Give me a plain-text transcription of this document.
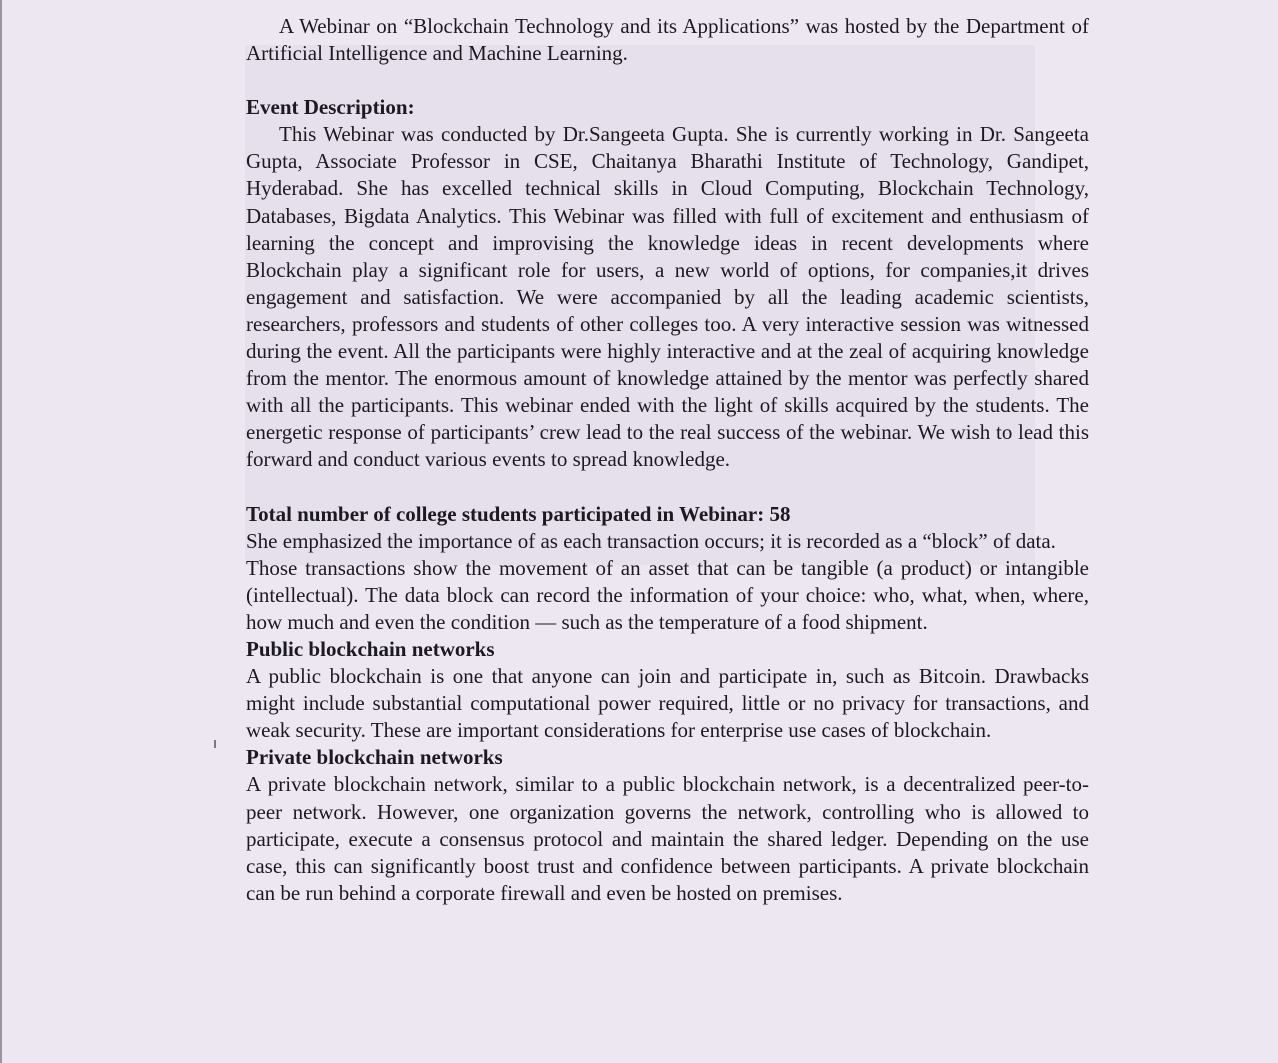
A Webinar on “Blockchain Technology and its Applications” was hosted by the Department of Artificial Intelligence and Machine Learning.

Event Description:

This Webinar was conducted by Dr.Sangeeta Gupta. She is currently working in Dr. Sangeeta Gupta, Associate Professor in CSE, Chaitanya Bharathi Institute of Technology, Gandipet, Hyderabad. She has excelled technical skills in Cloud Computing, Blockchain Technology, Databases, Bigdata Analytics. This Webinar was filled with full of excitement and enthusiasm of learning the concept and improvising the knowledge ideas in recent developments where Blockchain play a significant role for users, a new world of options, for companies,it drives engagement and satisfaction. We were accompanied by all the leading academic scientists, researchers, professors and students of other colleges too. A very interactive session was witnessed during the event. All the participants were highly interactive and at the zeal of acquiring knowledge from the mentor. The enormous amount of knowledge attained by the mentor was perfectly shared with all the participants. This webinar ended with the light of skills acquired by the students. The energetic response of participants’ crew lead to the real success of the webinar. We wish to lead this forward and conduct various events to spread knowledge.

Total number of college students participated in Webinar: 58

She emphasized the importance of as each transaction occurs; it is recorded as a “block” of data.

Those transactions show the movement of an asset that can be tangible (a product) or intangible (intellectual). The data block can record the information of your choice: who, what, when, where, how much and even the condition — such as the temperature of a food shipment.

Public blockchain networks

A public blockchain is one that anyone can join and participate in, such as Bitcoin. Drawbacks might include substantial computational power required, little or no privacy for transactions, and weak security. These are important considerations for enterprise use cases of blockchain.

Private blockchain networks

A private blockchain network, similar to a public blockchain network, is a decentralized peer-to-peer network. However, one organization governs the network, controlling who is allowed to participate, execute a consensus protocol and maintain the shared ledger. Depending on the use case, this can significantly boost trust and confidence between participants. A private blockchain can be run behind a corporate firewall and even be hosted on premises.
